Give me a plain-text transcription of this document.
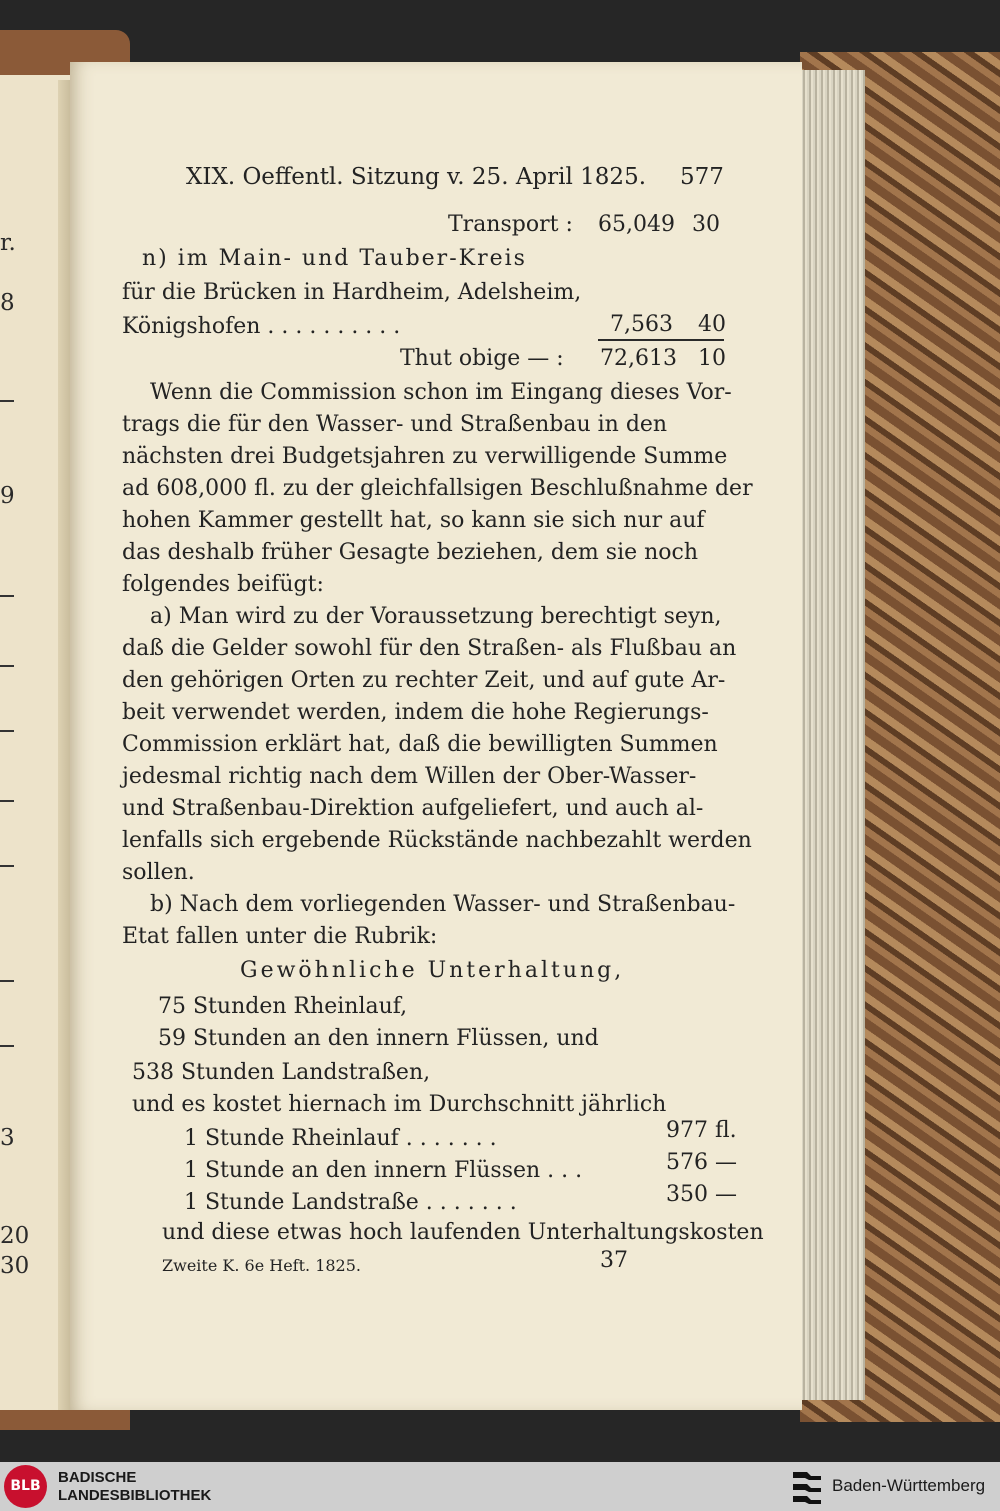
r.
8
9
3
20
30
XIX. Oeffentl. Sitzung v. 25. April 1825. 577
Transport : 65,049 30
n) im Main- und Tauber-Kreis
für die Brücken in Hardheim, Adelsheim,
Königshofen . . . . . . . . . .	7,563 40
Thut obige — : 72,613 10
Wenn die Commission schon im Eingang dieses Vor-
trags die für den Wasser- und Straßenbau in den
nächsten drei Budgetsjahren zu verwilligende Summe
ad 608,000 fl. zu der gleichfallsigen Beschlußnahme der
hohen Kammer gestellt hat, so kann sie sich nur auf
das deshalb früher Gesagte beziehen, dem sie noch
folgendes beifügt:
a) Man wird zu der Voraussetzung berechtigt seyn,
daß die Gelder sowohl für den Straßen- als Flußbau an
den gehörigen Orten zu rechter Zeit, und auf gute Ar-
beit verwendet werden, indem die hohe Regierungs-
Commission erklärt hat, daß die bewilligten Summen
jedesmal richtig nach dem Willen der Ober-Wasser-
und Straßenbau-Direktion aufgeliefert, und auch al-
lenfalls sich ergebende Rückstände nachbezahlt werden
sollen.
b) Nach dem vorliegenden Wasser- und Straßenbau-
Etat fallen unter die Rubrik:
Gewöhnliche Unterhaltung,
75 Stunden Rheinlauf,
59 Stunden an den innern Flüssen, und
538 Stunden Landstraßen,
und es kostet hiernach im Durchschnitt jährlich
1 Stunde Rheinlauf . . . . . . .	977 fl.
1 Stunde an den innern Flüssen . . .	576 —
1 Stunde Landstraße . . . . . . .	350 —
und diese etwas hoch laufenden Unterhaltungskosten
Zweite K. 6e Heft. 1825.	37
BLB	BADISCHE
LANDESBIBLIOTHEK
Baden-Württemberg
